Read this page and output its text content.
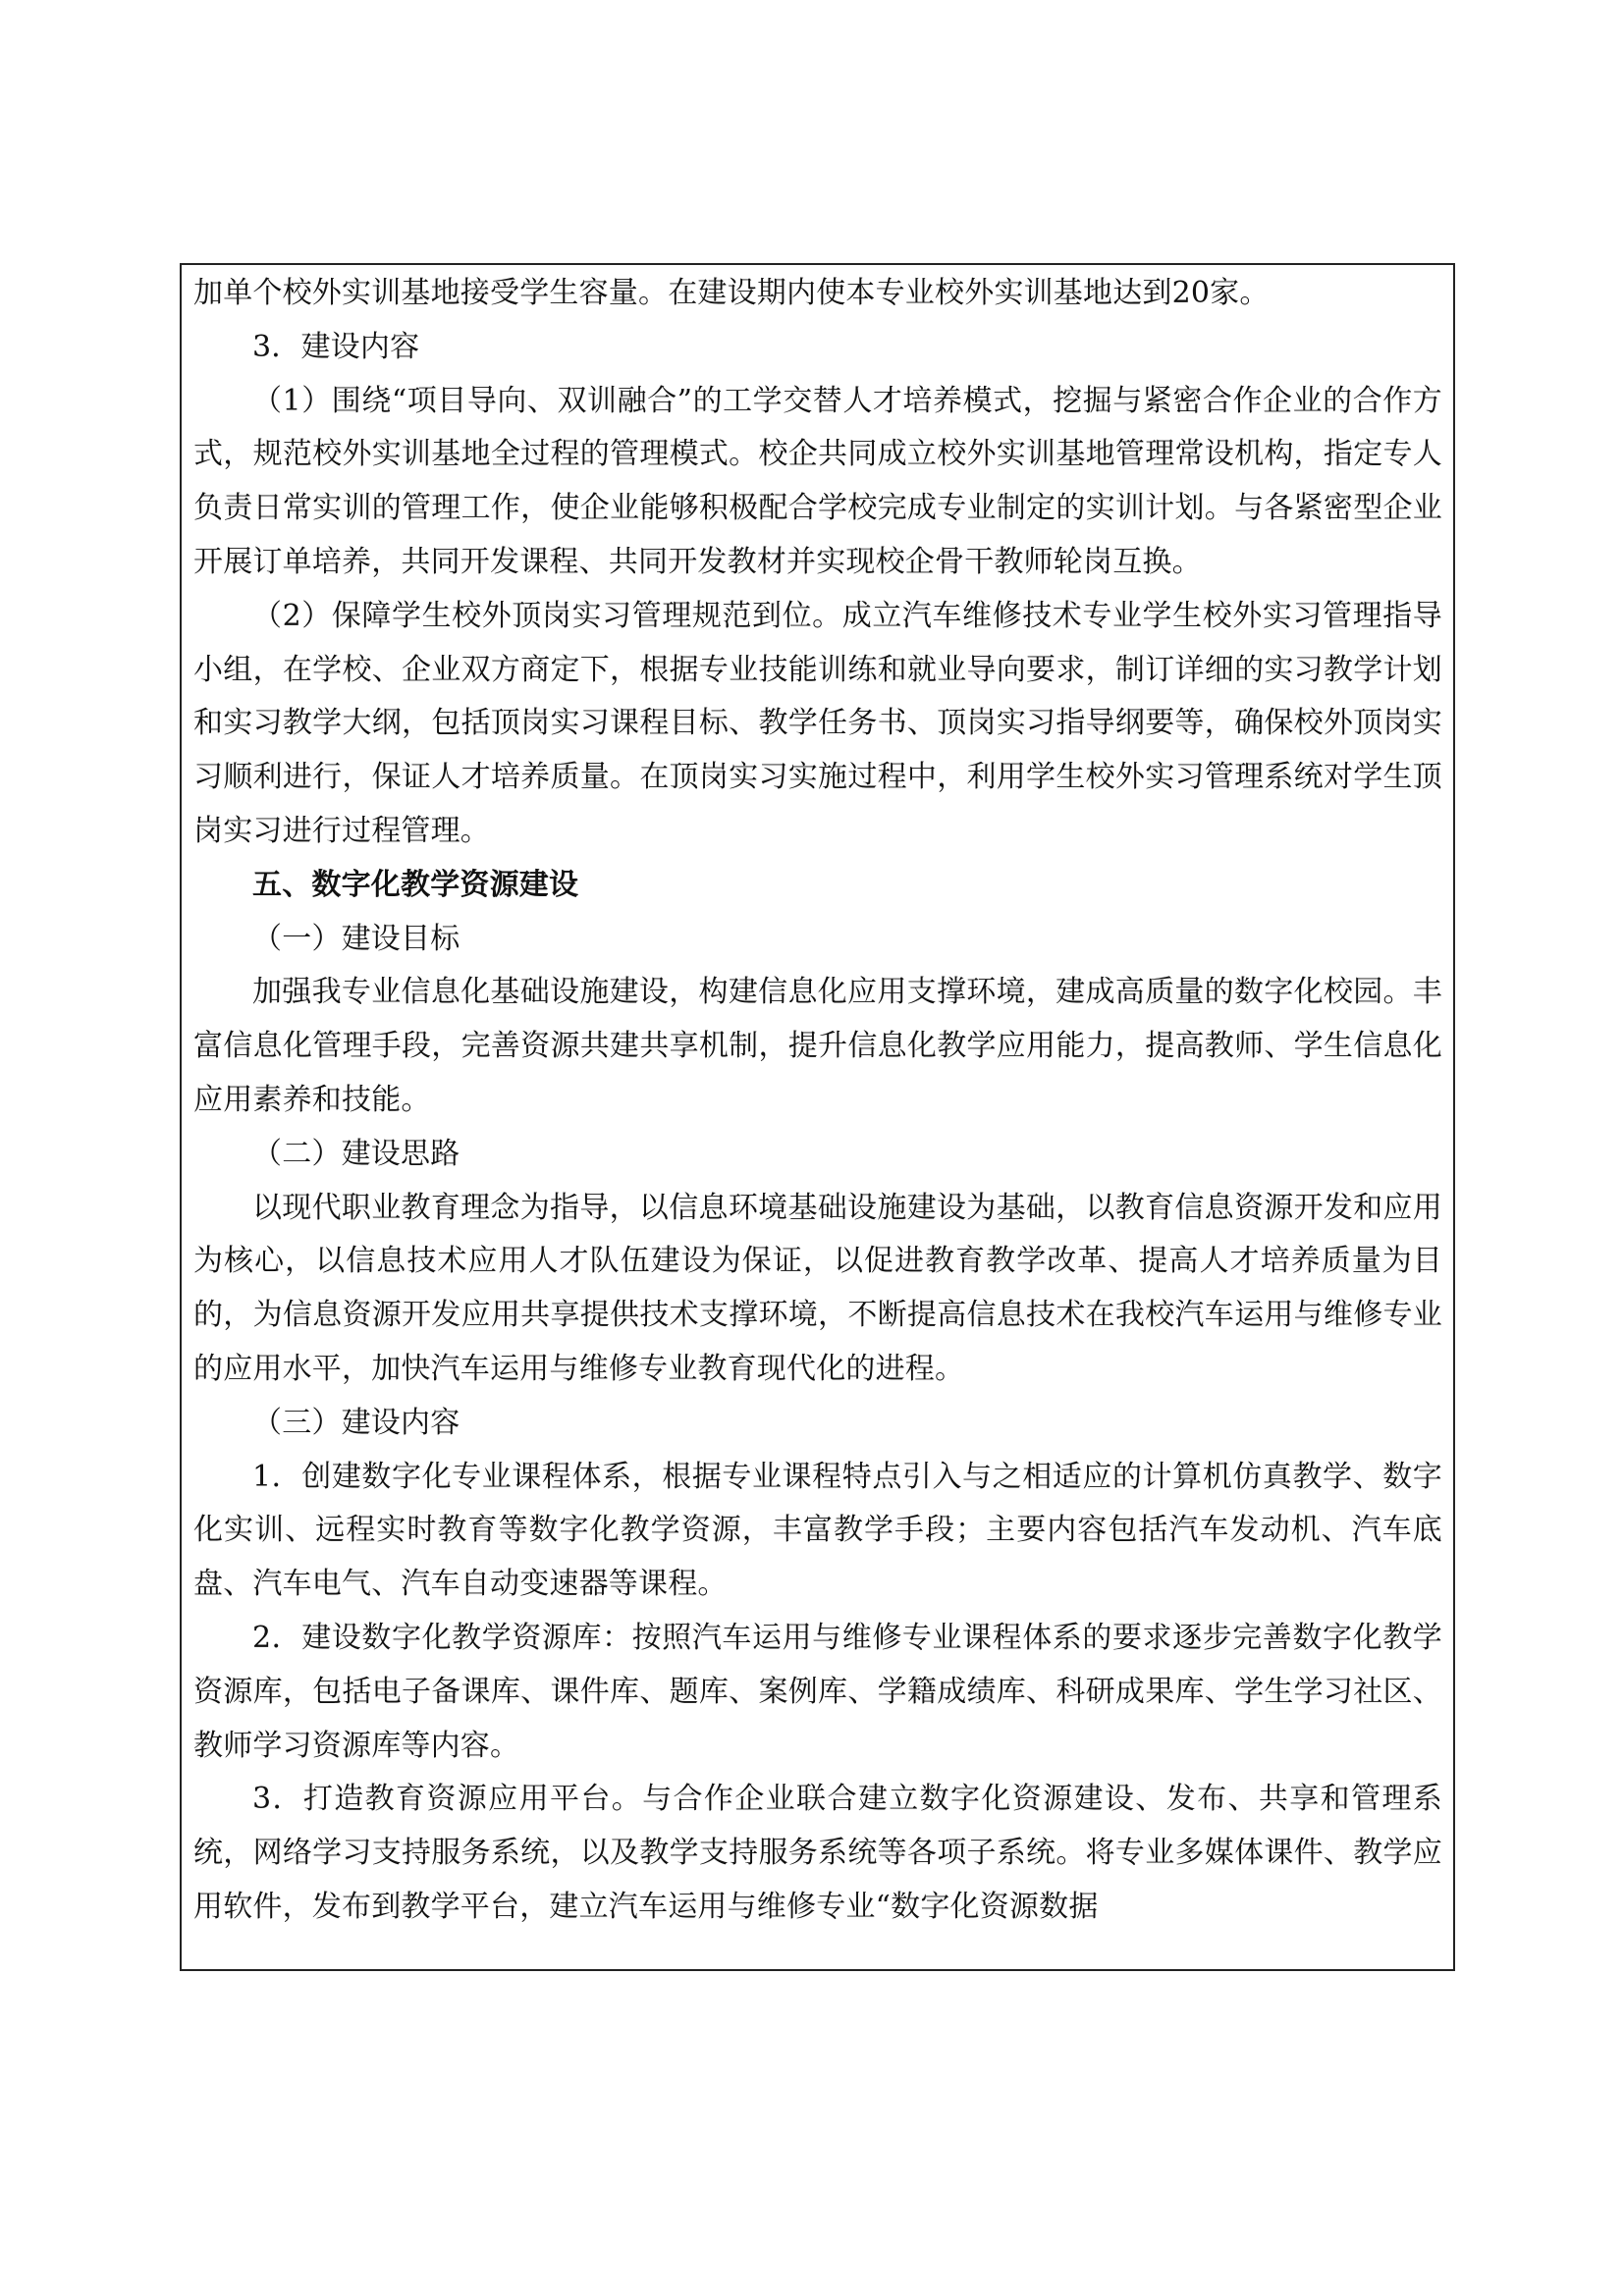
加单个校外实训基地接受学生容量。在建设期内使本专业校外实训基地达到20家。

3．建设内容

（1）围绕“项目导向、双训融合”的工学交替人才培养模式，挖掘与紧密合作企业的合作方式，规范校外实训基地全过程的管理模式。校企共同成立校外实训基地管理常设机构，指定专人负责日常实训的管理工作，使企业能够积极配合学校完成专业制定的实训计划。与各紧密型企业开展订单培养，共同开发课程、共同开发教材并实现校企骨干教师轮岗互换。

（2）保障学生校外顶岗实习管理规范到位。成立汽车维修技术专业学生校外实习管理指导小组，在学校、企业双方商定下，根据专业技能训练和就业导向要求，制订详细的实习教学计划和实习教学大纲，包括顶岗实习课程目标、教学任务书、顶岗实习指导纲要等，确保校外顶岗实习顺利进行，保证人才培养质量。在顶岗实习实施过程中，利用学生校外实习管理系统对学生顶岗实习进行过程管理。

五、数字化教学资源建设

（一）建设目标

加强我专业信息化基础设施建设，构建信息化应用支撑环境，建成高质量的数字化校园。丰富信息化管理手段，完善资源共建共享机制，提升信息化教学应用能力，提高教师、学生信息化应用素养和技能。

（二）建设思路

以现代职业教育理念为指导，以信息环境基础设施建设为基础，以教育信息资源开发和应用为核心，以信息技术应用人才队伍建设为保证，以促进教育教学改革、提高人才培养质量为目的，为信息资源开发应用共享提供技术支撑环境，不断提高信息技术在我校汽车运用与维修专业的应用水平，加快汽车运用与维修专业教育现代化的进程。

（三）建设内容

1．创建数字化专业课程体系，根据专业课程特点引入与之相适应的计算机仿真教学、数字化实训、远程实时教育等数字化教学资源，丰富教学手段；主要内容包括汽车发动机、汽车底盘、汽车电气、汽车自动变速器等课程。

2．建设数字化教学资源库：按照汽车运用与维修专业课程体系的要求逐步完善数字化教学资源库，包括电子备课库、课件库、题库、案例库、学籍成绩库、科研成果库、学生学习社区、教师学习资源库等内容。

3．打造教育资源应用平台。与合作企业联合建立数字化资源建设、发布、共享和管理系统，网络学习支持服务系统，以及教学支持服务系统等各项子系统。将专业多媒体课件、教学应用软件，发布到教学平台，建立汽车运用与维修专业“数字化资源数据
